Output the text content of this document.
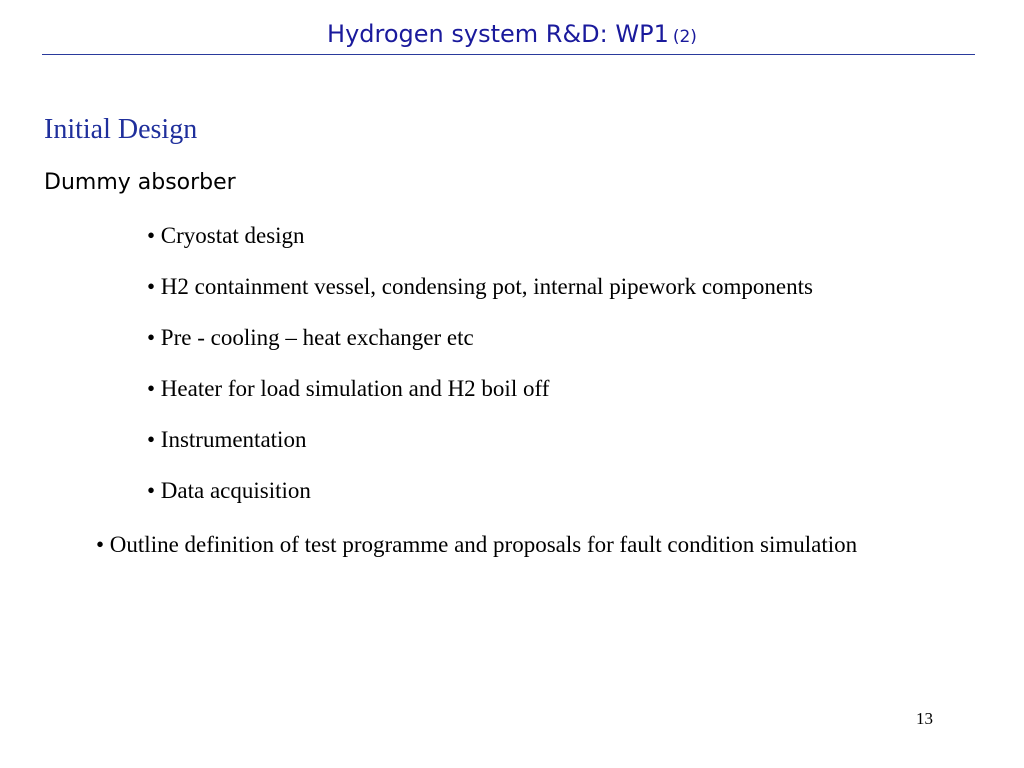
Hydrogen system R&D: WP1 (2)
Initial Design
Dummy absorber
• Cryostat design
• H2 containment vessel, condensing pot, internal pipework components
• Pre - cooling – heat exchanger etc
• Heater for load simulation and H2 boil off
• Instrumentation
• Data acquisition
• Outline definition of test programme and proposals for fault condition simulation
13
